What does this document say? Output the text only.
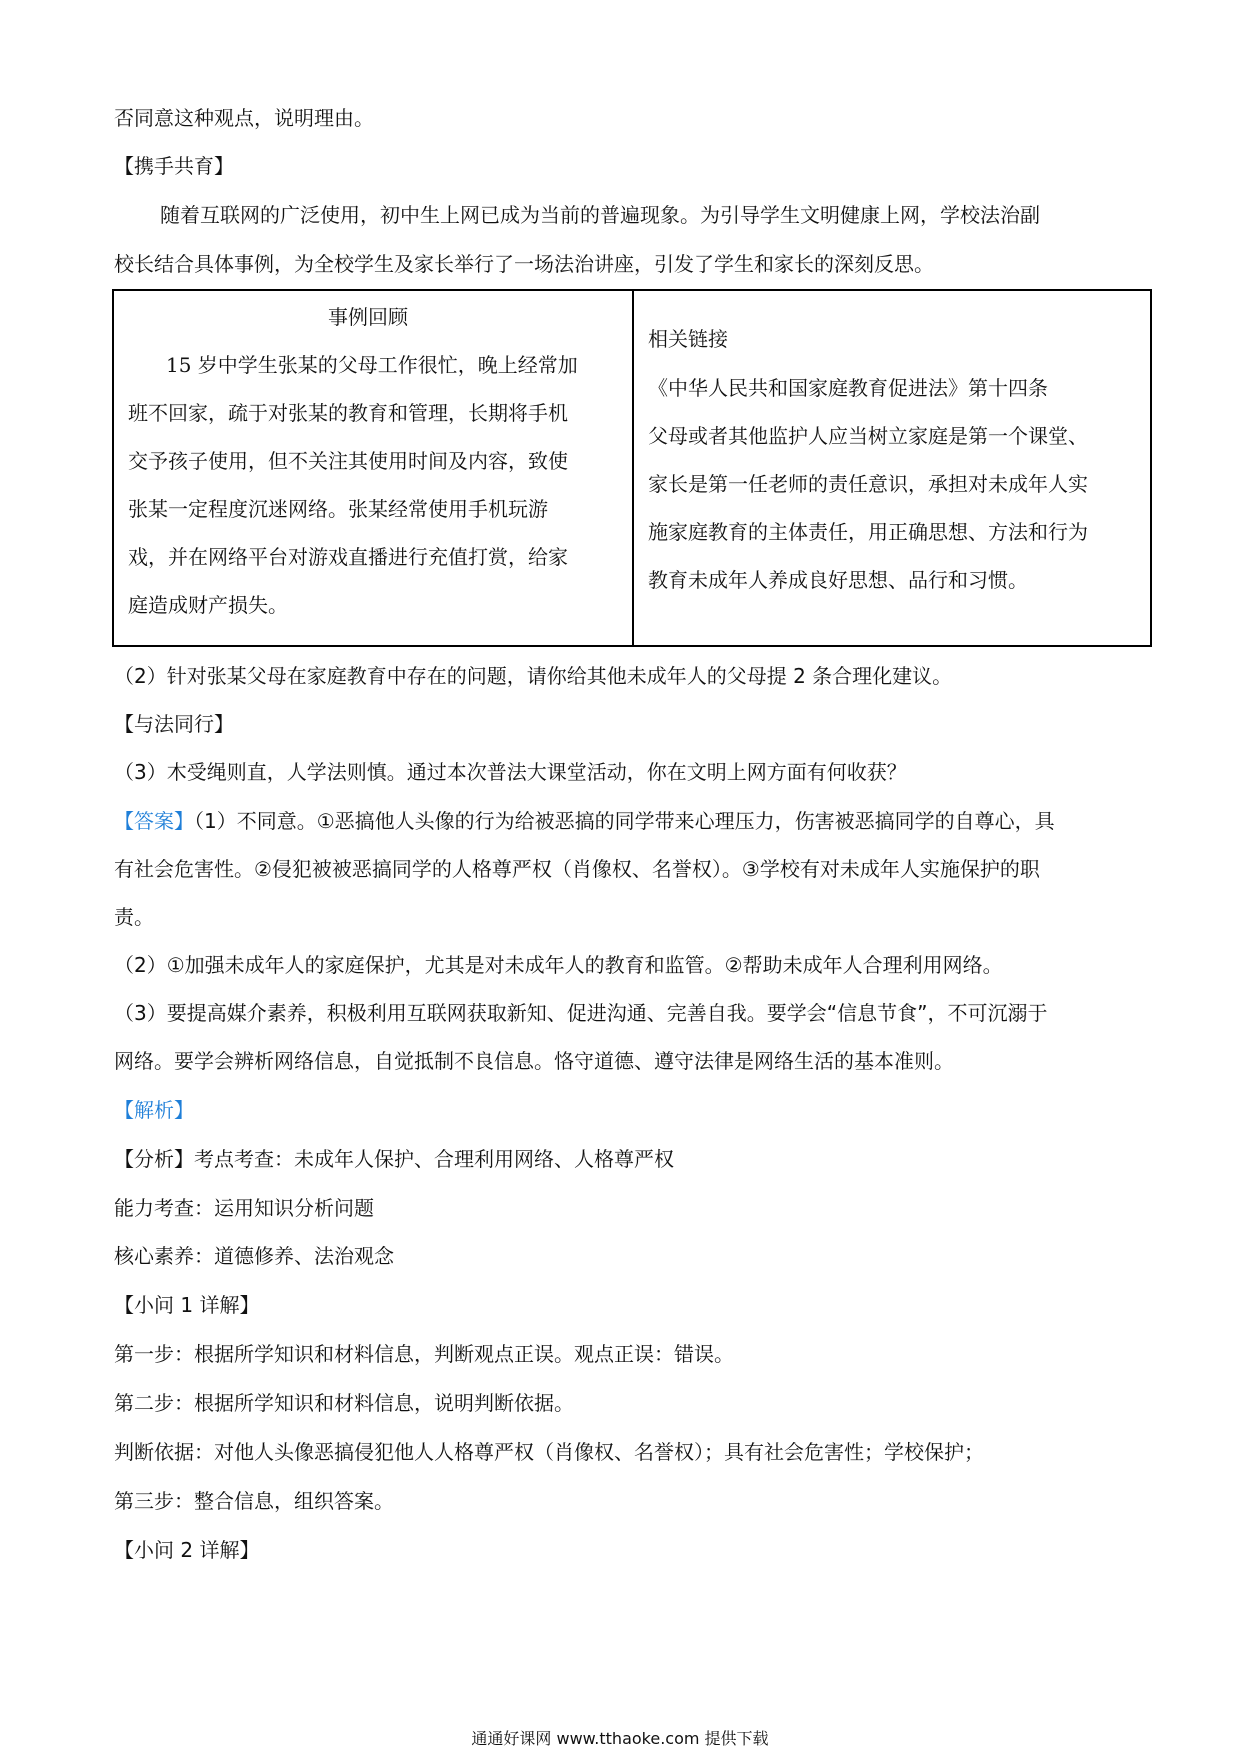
否同意这种观点，说明理由。
【携手共育】
随着互联网的广泛使用，初中生上网已成为当前的普遍现象。为引导学生文明健康上网，学校法治副
校长结合具体事例，为全校学生及家长举行了一场法治讲座，引发了学生和家长的深刻反思。
事例回顾
15 岁中学生张某的父母工作很忙，晚上经常加
班不回家，疏于对张某的教育和管理，长期将手机
交予孩子使用，但不关注其使用时间及内容，致使
张某一定程度沉迷网络。张某经常使用手机玩游
戏，并在网络平台对游戏直播进行充值打赏，给家
庭造成财产损失。

相关链接
《中华人民共和国家庭教育促进法》第十四条
父母或者其他监护人应当树立家庭是第一个课堂、
家长是第一任老师的责任意识，承担对未成年人实
施家庭教育的主体责任，用正确思想、方法和行为
教育未成年人养成良好思想、品行和习惯。
（2）针对张某父母在家庭教育中存在的问题，请你给其他未成年人的父母提 2 条合理化建议。
【与法同行】
（3）木受绳则直，人学法则慎。通过本次普法大课堂活动，你在文明上网方面有何收获？
【答案】（1）不同意。①恶搞他人头像的行为给被恶搞的同学带来心理压力，伤害被恶搞同学的自尊心，具
有社会危害性。②侵犯被被恶搞同学的人格尊严权（肖像权、名誉权）。③学校有对未成年人实施保护的职
责。
（2）①加强未成年人的家庭保护，尤其是对未成年人的教育和监管。②帮助未成年人合理利用网络。
（3）要提高媒介素养，积极利用互联网获取新知、促进沟通、完善自我。要学会“信息节食”，不可沉溺于
网络。要学会辨析网络信息，自觉抵制不良信息。恪守道德、遵守法律是网络生活的基本准则。
【解析】
【分析】考点考查：未成年人保护、合理利用网络、人格尊严权
能力考查：运用知识分析问题
核心素养：道德修养、法治观念
【小问 1 详解】
第一步：根据所学知识和材料信息，判断观点正误。观点正误：错误。
第二步：根据所学知识和材料信息，说明判断依据。
判断依据：对他人头像恶搞侵犯他人人格尊严权（肖像权、名誉权）；具有社会危害性；学校保护；
第三步：整合信息，组织答案。
【小问 2 详解】
通通好课网 www.tthaoke.com 提供下载
